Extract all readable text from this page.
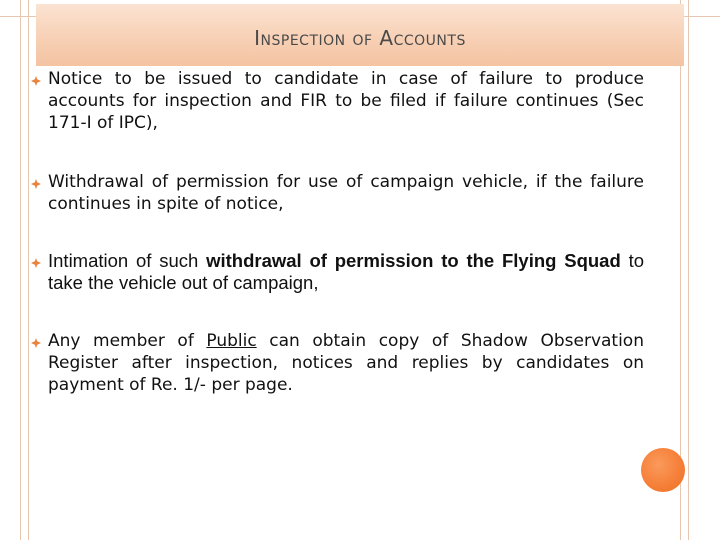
Inspection of Accounts
Notice to be issued to candidate in case of failure to produce accounts for inspection and FIR to be filed if failure continues (Sec 171-I of IPC),
Withdrawal of permission for use of campaign vehicle, if the failure continues in spite of notice,
Intimation of such withdrawal of permission to the Flying Squad to take the vehicle out of campaign,
Any member of Public can obtain copy of Shadow Observation Register after inspection, notices and replies by candidates on payment of Re. 1/- per page.
